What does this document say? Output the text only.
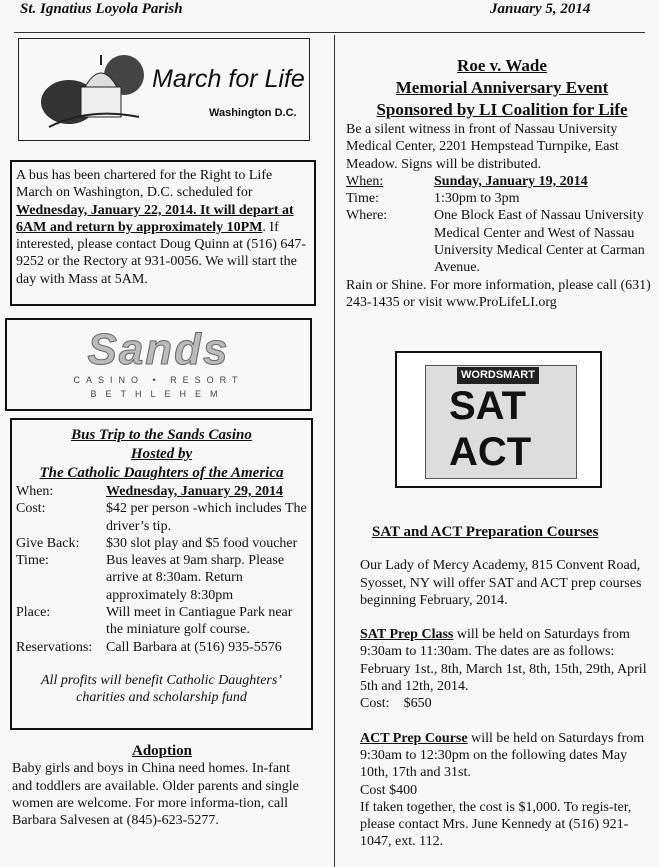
St. Ignatius Loyola Parish	January 5, 2014
March for Life
Washington D.C.
A bus has been chartered for the Right to Life March on Washington, D.C. scheduled for Wednesday, January 22, 2014. It will depart at 6AM and return by approximately 10PM. If interested, please contact Doug Quinn at (516) 647-9252 or the Rectory at 931-0056. We will start the day with Mass at 5AM.
Sands
CASINO • RESORT
BETHLEHEM
Bus Trip to the Sands Casino
Hosted by
The Catholic Daughters of the America
When:	Wednesday, January 29, 2014
Cost:	$42 per person -which includes The driver’s tip.
Give Back:	$30 slot play and $5 food voucher
Time:	Bus leaves at 9am sharp. Please arrive at 8:30am. Return approximately 8:30pm
Place:	Will meet in Cantiague Park near the miniature golf course.
Reservations: Call Barbara at (516) 935-5576
All profits will benefit Catholic Daughters’ charities and scholarship fund
Adoption
Baby girls and boys in China need homes. In-fant and toddlers are available. Older parents and single women are welcome. For more informa-tion, call Barbara Salvesen at (845)-623-5277.
Roe v. Wade
Memorial Anniversary Event
Sponsored by LI Coalition for Life
Be a silent witness in front of Nassau University Medical Center, 2201 Hempstead Turnpike, East Meadow. Signs will be distributed.
When:	Sunday, January 19, 2014
Time:	1:30pm to 3pm
Where:	One Block East of Nassau University Medical Center and West of Nassau University Medical Center at Carman Avenue.
Rain or Shine. For more information, please call (631) 243-1435 or visit www.ProLifeLI.org
WORDSMART
SAT
ACT
SAT and ACT Preparation Courses
Our Lady of Mercy Academy, 815 Convent Road, Syosset, NY will offer SAT and ACT prep courses beginning February, 2014.
SAT Prep Class will be held on Saturdays from 9:30am to 11:30am. The dates are as follows: February 1st., 8th, March 1st, 8th, 15th, 29th, April 5th and 12th, 2014.
Cost:    $650
ACT Prep Course will be held on Saturdays from 9:30am to 12:30pm on the following dates May 10th, 17th and 31st.
Cost $400
If taken together, the cost is $1,000. To regis-ter, please contact Mrs. June Kennedy at (516) 921-1047, ext. 112.
